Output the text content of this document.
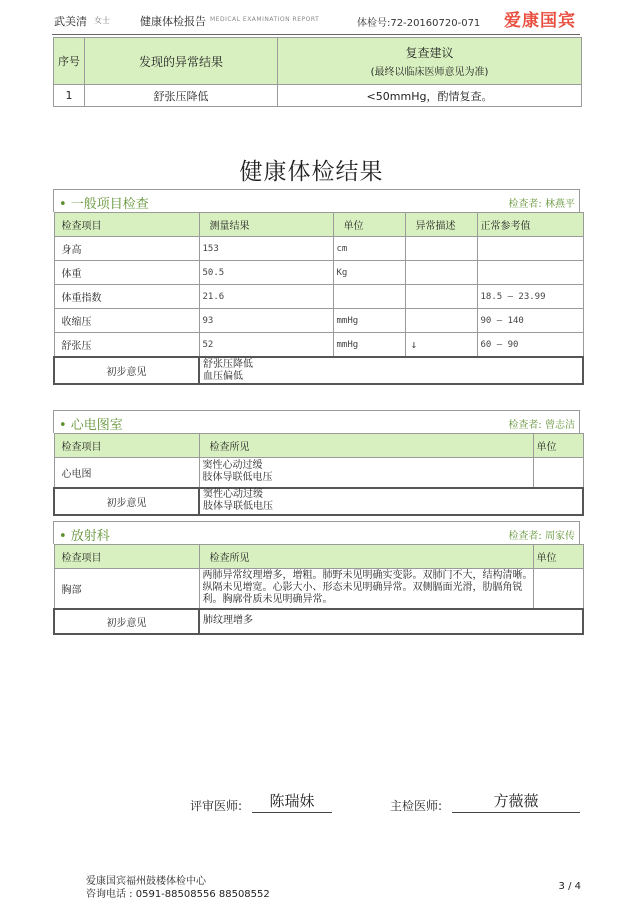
武美清 女士	健康体检报告 MEDICAL EXAMINATION REPORT	体检号:72-20160720-071 爱康国宾
序号	发现的异常结果	复查建议
(最终以临床医师意见为准)

1	舒张压降低	<50mmHg，酌情复查。
健康体检结果
• 一般项目检查	检查者: 林燕平
检查项目	测量结果	单位	异常描述	正常参考值
身高	153	cm		
体重	50.5	Kg		
体重指数	21.6			18.5 — 23.99
收缩压	93	mmHg		90 — 140
舒张压	52	mmHg	↓	60 — 90
初步意见	舒张压降低
血压偏低			
• 心电图室	检查者: 曾志洁
检查项目	检查所见	单位
心电图	窦性心动过缓
肢体导联低电压	

初步意见	窦性心动过缓
肢体导联低电压	
• 放射科	检查者: 周家传
检查项目	检查所见	单位
胸部	两肺异常纹理增多，增粗。肺野未见明确实变影。双肺门不大，结构清晰。纵隔未见增宽。心影大小、形态未见明确异常。双侧膈面光滑，肋膈角锐利。胸廓骨质未见明确异常。	
初步意见	肺纹理增多	
评审医师:	陈瑞妹	主检医师:	方薇薇
爱康国宾福州鼓楼体检中心
咨询电话 : 0591-88508556 88508552
3 / 4
